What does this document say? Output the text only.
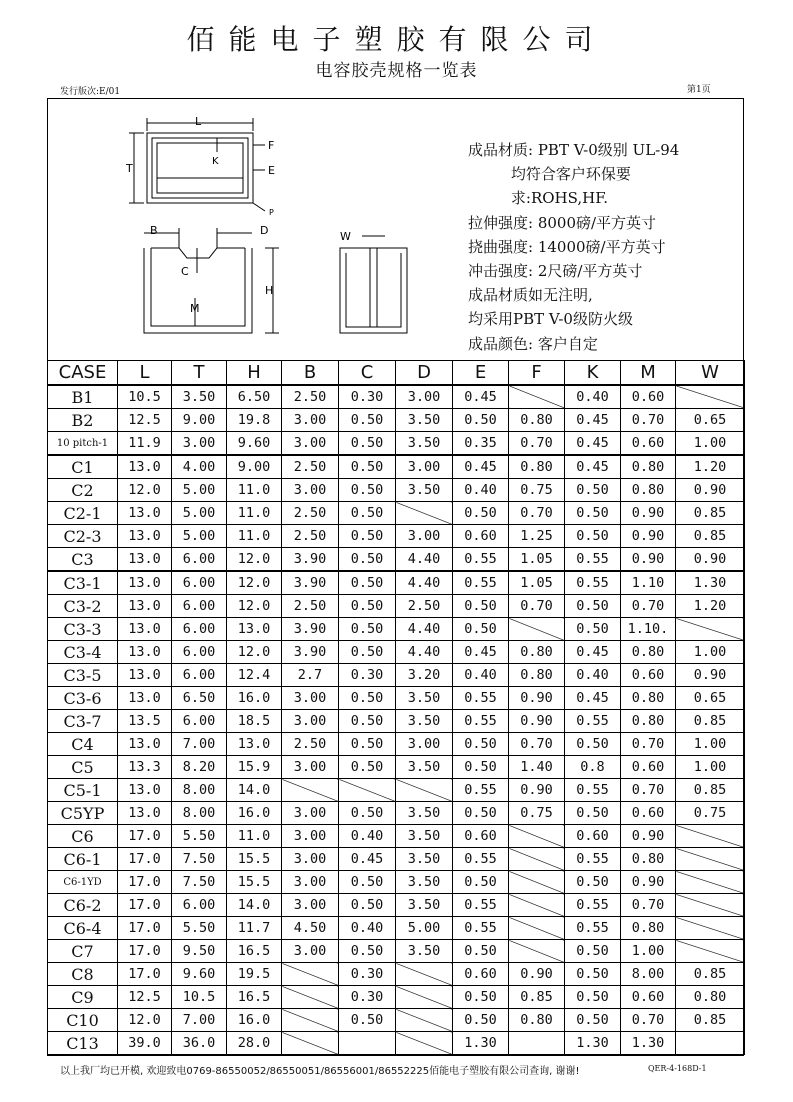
佰能电子塑胶有限公司
电容胶壳规格一览表
发行版次:E/01	第1页
L
F
K
E
T
P
B	D
C
H
M
W
成品材质: PBT V-0级别 UL-94
均符合客户环保要
求:ROHS,HF.
拉伸强度: 8000磅/平方英寸
挠曲强度: 14000磅/平方英寸
冲击强度: 2尺磅/平方英寸
成品材质如无注明,
均采用PBT V-0级防火级
成品颜色: 客户自定
CASE	L	T	H	B	C	D	E	F	K	M	W
B1	10.5	3.50	6.50	2.50	0.30	3.00	0.45		0.40	0.60	
B2	12.5	9.00	19.8	3.00	0.50	3.50	0.50	0.80	0.45	0.70	0.65
10 pitch-1	11.9	3.00	9.60	3.00	0.50	3.50	0.35	0.70	0.45	0.60	1.00
C1	13.0	4.00	9.00	2.50	0.50	3.00	0.45	0.80	0.45	0.80	1.20
C2	12.0	5.00	11.0	3.00	0.50	3.50	0.40	0.75	0.50	0.80	0.90
C2-1	13.0	5.00	11.0	2.50	0.50		0.50	0.70	0.50	0.90	0.85
C2-3	13.0	5.00	11.0	2.50	0.50	3.00	0.60	1.25	0.50	0.90	0.85
C3	13.0	6.00	12.0	3.90	0.50	4.40	0.55	1.05	0.55	0.90	0.90
C3-1	13.0	6.00	12.0	3.90	0.50	4.40	0.55	1.05	0.55	1.10	1.30
C3-2	13.0	6.00	12.0	2.50	0.50	2.50	0.50	0.70	0.50	0.70	1.20
C3-3	13.0	6.00	13.0	3.90	0.50	4.40	0.50		0.50	1.10.	
C3-4	13.0	6.00	12.0	3.90	0.50	4.40	0.45	0.80	0.45	0.80	1.00
C3-5	13.0	6.00	12.4	2.7	0.30	3.20	0.40	0.80	0.40	0.60	0.90
C3-6	13.0	6.50	16.0	3.00	0.50	3.50	0.55	0.90	0.45	0.80	0.65
C3-7	13.5	6.00	18.5	3.00	0.50	3.50	0.55	0.90	0.55	0.80	0.85
C4	13.0	7.00	13.0	2.50	0.50	3.00	0.50	0.70	0.50	0.70	1.00
C5	13.3	8.20	15.9	3.00	0.50	3.50	0.50	1.40	0.8	0.60	1.00
C5-1	13.0	8.00	14.0				0.55	0.90	0.55	0.70	0.85
C5YP	13.0	8.00	16.0	3.00	0.50	3.50	0.50	0.75	0.50	0.60	0.75
C6	17.0	5.50	11.0	3.00	0.40	3.50	0.60		0.60	0.90	
C6-1	17.0	7.50	15.5	3.00	0.45	3.50	0.55		0.55	0.80	
C6-1YD	17.0	7.50	15.5	3.00	0.50	3.50	0.50		0.50	0.90	
C6-2	17.0	6.00	14.0	3.00	0.50	3.50	0.55		0.55	0.70	
C6-4	17.0	5.50	11.7	4.50	0.40	5.00	0.55		0.55	0.80	
C7	17.0	9.50	16.5	3.00	0.50	3.50	0.50		0.50	1.00	
C8	17.0	9.60	19.5		0.30		0.60	0.90	0.50	8.00	0.85
C9	12.5	10.5	16.5		0.30		0.50	0.85	0.50	0.60	0.80
C10	12.0	7.00	16.0		0.50		0.50	0.80	0.50	0.70	0.85
C13	39.0	36.0	28.0				1.30		1.30	1.30	
以上我厂均已开模, 欢迎致电0769-86550052/86550051/86556001/86552225佰能电子塑胶有限公司查询, 谢谢!	QER-4-168D-1
